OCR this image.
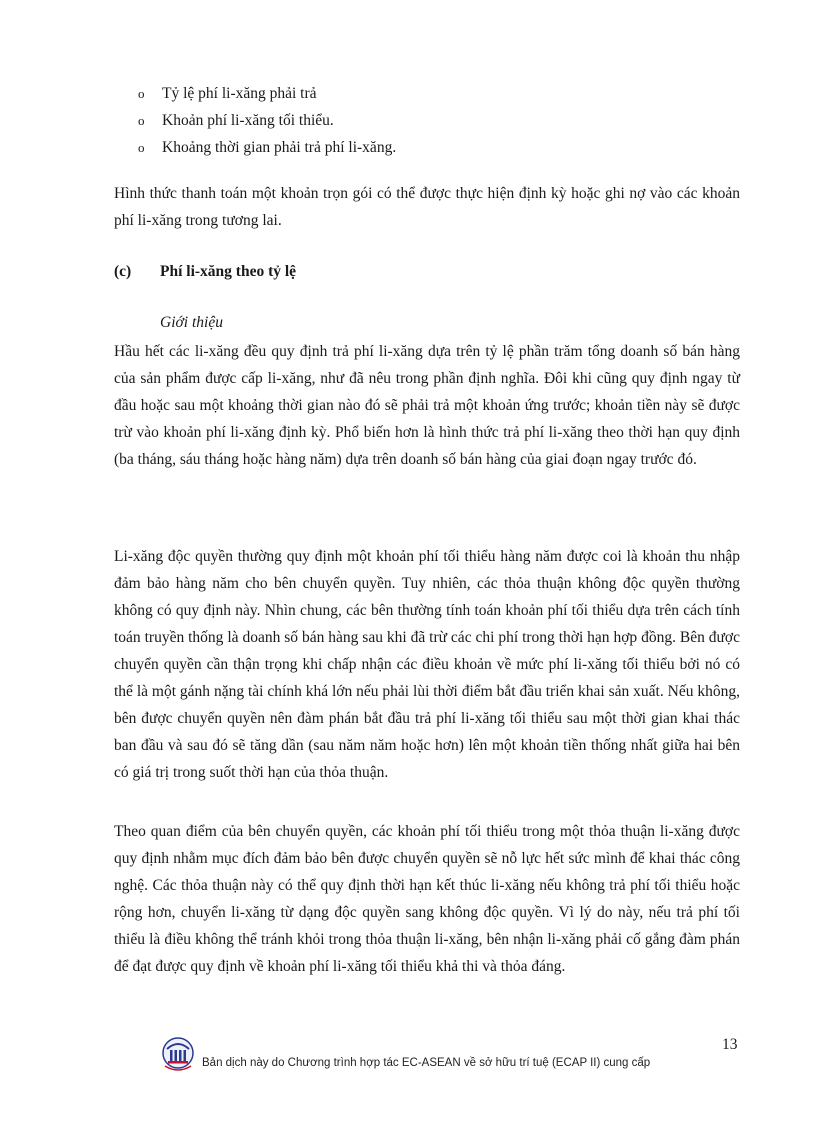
o Tỷ lệ phí li-xăng phải trả
o Khoản phí li-xăng tối thiểu.
o Khoảng thời gian phải trả phí li-xăng.

Hình thức thanh toán một khoản trọn gói có thể được thực hiện định kỳ hoặc ghi nợ vào các khoản phí li-xăng trong tương lai.

(c) Phí li-xăng theo tỷ lệ
Giới thiệu

Hầu hết các li-xăng đều quy định trả phí li-xăng dựa trên tỷ lệ phần trăm tổng doanh số bán hàng của sản phẩm được cấp li-xăng, như đã nêu trong phần định nghĩa. Đôi khi cũng quy định ngay từ đầu hoặc sau một khoảng thời gian nào đó sẽ phải trả một khoản ứng trước; khoản tiền này sẽ được trừ vào khoản phí li-xăng định kỳ. Phổ biến hơn là hình thức trả phí li-xăng theo thời hạn quy định (ba tháng, sáu tháng hoặc hàng năm) dựa trên doanh số bán hàng của giai đoạn ngay trước đó.

Li-xăng độc quyền thường quy định một khoản phí tối thiểu hàng năm được coi là khoản thu nhập đảm bảo hàng năm cho bên chuyển quyền. Tuy nhiên, các thỏa thuận không độc quyền thường không có quy định này. Nhìn chung, các bên thường tính toán khoản phí tối thiểu dựa trên cách tính toán truyền thống là doanh số bán hàng sau khi đã trừ các chi phí trong thời hạn hợp đồng. Bên được chuyển quyền cần thận trọng khi chấp nhận các điều khoản về mức phí li-xăng tối thiểu bởi nó có thể là một gánh nặng tài chính khá lớn nếu phải lùi thời điểm bắt đầu triển khai sản xuất. Nếu không, bên được chuyển quyền nên đàm phán bắt đầu trả phí li-xăng tối thiểu sau một thời gian khai thác ban đầu và sau đó sẽ tăng dần (sau năm năm hoặc hơn) lên một khoản tiền thống nhất giữa hai bên có giá trị trong suốt thời hạn của thỏa thuận.

Theo quan điểm của bên chuyển quyền, các khoản phí tối thiểu trong một thỏa thuận li-xăng được quy định nhằm mục đích đảm bảo bên được chuyển quyền sẽ nỗ lực hết sức mình để khai thác công nghệ. Các thỏa thuận này có thể quy định thời hạn kết thúc li-xăng nếu không trả phí tối thiểu hoặc rộng hơn, chuyển li-xăng từ dạng độc quyền sang không độc quyền. Vì lý do này, nếu trả phí tối thiểu là điều không thể tránh khỏi trong thỏa thuận li-xăng, bên nhận li-xăng phải cố gắng đàm phán để đạt được quy định về khoản phí li-xăng tối thiểu khả thi và thỏa đáng.

Bản dịch này do Chương trình hợp tác EC-ASEAN về sở hữu trí tuệ (ECAP II) cung cấp
13
